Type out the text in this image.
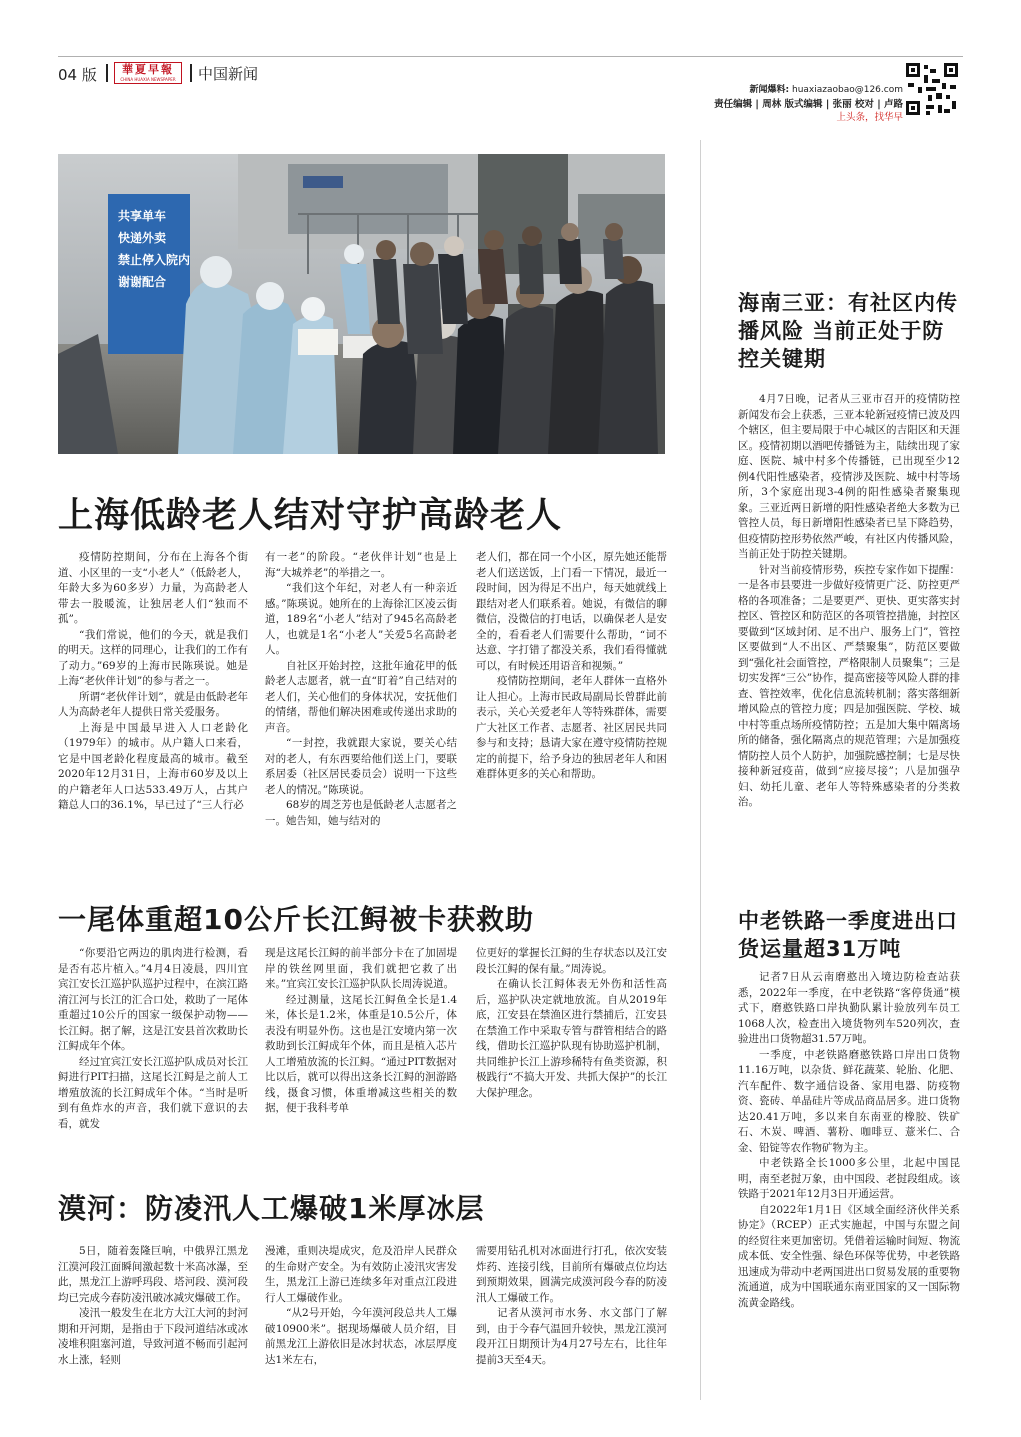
04 版	華夏早報
CHINA HUAXIA NEWSPAPER	中国新闻
新闻爆料: huaxiazaobao@126.com
责任编辑 | 周林 版式编辑 | 张丽 校对 | 卢路
上头条，找华早
共享单车
快递外卖
禁止停入院内
谢谢配合
上海低龄老人结对守护高龄老人

疫情防控期间，分布在上海各个街道、小区里的一支“小老人”（低龄老人，年龄大多为60多岁）力量，为高龄老人带去一股暖流，让独居老人们“独而不孤”。

“我们常说，他们的今天，就是我们的明天。这样的同理心，让我们的工作有了动力。”69岁的上海市民陈瑛说。她是上海“老伙伴计划”的参与者之一。

所谓“老伙伴计划”，就是由低龄老年人为高龄老年人提供日常关爱服务。

上海是中国最早进入人口老龄化（1979年）的城市。从户籍人口来看，它是中国老龄化程度最高的城市。截至2020年12月31日，上海市60岁及以上的户籍老年人口达533.49万人，占其户籍总人口的36.1%，早已过了“三人行必

有一老”的阶段。“老伙伴计划”也是上海“大城养老”的举措之一。

“我们这个年纪，对老人有一种亲近感。”陈瑛说。她所在的上海徐汇区凌云街道，189名“小老人”结对了945名高龄老人，也就是1名“小老人”关爱5名高龄老人。

自社区开始封控，这批年逾花甲的低龄老人志愿者，就一直“盯着”自己结对的老人们，关心他们的身体状况，安抚他们的情绪，帮他们解决困难或传递出求助的声音。

“一封控，我就跟大家说，要关心结对的老人，有东西要给他们送上门，要联系居委（社区居民委员会）说明一下这些老人的情况。”陈瑛说。

68岁的周芝芳也是低龄老人志愿者之一。她告知，她与结对的

老人们，都在同一个小区，原先她还能帮老人们送送饭，上门看一下情况，最近一段时间，因为得足不出户，每天她就线上跟结对老人们联系着。她说，有微信的聊微信，没微信的打电话，以确保老人是安全的，看看老人们需要什么帮助，“词不达意、字打错了都没关系，我们看得懂就可以，有时候还用语音和视频。”

疫情防控期间，老年人群体一直格外让人担心。上海市民政局副局长曾群此前表示，关心关爱老年人等特殊群体，需要广大社区工作者、志愿者、社区居民共同参与和支持；恳请大家在遵守疫情防控规定的前提下，给予身边的独居老年人和困难群体更多的关心和帮助。

一尾体重超10公斤长江鲟被卡获救助

“你要沿它两边的肌肉进行检测，看是否有芯片植入。”4月4日凌晨，四川宜宾江安长江巡护队巡护过程中，在滨江路淯江河与长江的汇合口处，救助了一尾体重超过10公斤的国家一级保护动物——长江鲟。据了解，这是江安县首次救助长江鲟成年个体。

经过宜宾江安长江巡护队成员对长江鲟进行PIT扫描，这尾长江鲟是之前人工增殖放流的长江鲟成年个体。“当时是听到有鱼炸水的声音，我们就下意识的去看，就发

现是这尾长江鲟的前半部分卡在了加固堤岸的铁丝网里面，我们就把它救了出来。”宜宾江安长江巡护队队长周涛说道。

经过测量，这尾长江鲟鱼全长是1.4米，体长是1.2米，体重是10.5公斤，体表没有明显外伤。这也是江安境内第一次救助到长江鲟成年个体，而且是植入芯片人工增殖放流的长江鲟。“通过PIT数据对比以后，就可以得出这条长江鲟的洄游路线，摄食习惯，体重增减这些相关的数据，便于我科考单

位更好的掌握长江鲟的生存状态以及江安段长江鲟的保有量。”周涛说。

在确认长江鲟体表无外伤和活性高后，巡护队决定就地放流。自从2019年底，江安县在禁渔区进行禁捕后，江安县在禁渔工作中采取专管与群管相结合的路线，借助长江巡护队现有协助巡护机制，共同维护长江上游珍稀特有鱼类资源，积极践行“不搞大开发、共抓大保护”的长江大保护理念。

漠河：防凌汛人工爆破1米厚冰层

5日，随着轰隆巨响，中俄界江黑龙江漠河段江面瞬间激起数十米高冰瀑，至此，黑龙江上游呼玛段、塔河段、漠河段均已完成今春防凌汛破冰减灾爆破工作。

凌汛一般发生在北方大江大河的封河期和开河期，是指由于下段河道结冰或冰凌堆积阻塞河道，导致河道不畅而引起河水上涨，轻则

漫滩，重则决堤成灾，危及沿岸人民群众的生命财产安全。为有效防止凌汛灾害发生，黑龙江上游已连续多年对重点江段进行人工爆破作业。

“从2号开始，今年漠河段总共人工爆破10900米”。据现场爆破人员介绍，目前黑龙江上游依旧是冰封状态，冰层厚度达1米左右，

需要用钻孔机对冰面进行打孔，依次安装炸药、连接引线，目前所有爆破点位均达到预期效果，圆满完成漠河段今春的防凌汛人工爆破工作。

记者从漠河市水务、水文部门了解到，由于今春气温回升较快，黑龙江漠河段开江日期预计为4月27号左右，比往年提前3天至4天。

海南三亚：有社区内传播风险 当前正处于防控关键期

4月7日晚，记者从三亚市召开的疫情防控新闻发布会上获悉，三亚本轮新冠疫情已波及四个辖区，但主要局限于中心城区的吉阳区和天涯区。疫情初期以酒吧传播链为主，陆续出现了家庭、医院、城中村多个传播链，已出现至少12例4代阳性感染者，疫情涉及医院、城中村等场所，3个家庭出现3-4例的阳性感染者聚集现象。三亚近两日新增的阳性感染者绝大多数为已管控人员，每日新增阳性感染者已呈下降趋势，但疫情防控形势依然严峻，有社区内传播风险，当前正处于防控关键期。

针对当前疫情形势，疾控专家作如下提醒：一是各市县要进一步做好疫情更广泛、防控更严格的各项准备；二是要更严、更快、更实落实封控区、管控区和防范区的各项管控措施，封控区要做到“区域封闭、足不出户、服务上门”，管控区要做到“人不出区、严禁聚集”，防范区要做到“强化社会面管控，严格限制人员聚集”；三是切实发挥“三公”协作，提高密接等风险人群的排查、管控效率，优化信息流转机制；落实落细新增风险点的管控力度；四是加强医院、学校、城中村等重点场所疫情防控；五是加大集中隔离场所的储备，强化隔离点的规范管理；六是加强疫情防控人员个人防护，加强院感控制；七是尽快接种新冠疫苗，做到“应接尽接”；八是加强孕妇、幼托儿童、老年人等特殊感染者的分类救治。

中老铁路一季度进出口货运量超31万吨

记者7日从云南磨憨出入境边防检查站获悉，2022年一季度，在中老铁路“客停货通”模式下，磨憨铁路口岸执勤队累计验放列车员工1068人次，检查出入境货物列车520列次，查验进出口货物超31.57万吨。

一季度，中老铁路磨憨铁路口岸出口货物11.16万吨，以杂货、鲜花蔬菜、轮胎、化肥、汽车配件、数字通信设备、家用电器、防疫物资、瓷砖、单晶硅片等成品商品居多。进口货物达20.41万吨，多以来自东南亚的橡胶、铁矿石、木炭、啤酒、薯粉、咖啡豆、薏米仁、合金、铅锭等农作物矿物为主。

中老铁路全长1000多公里，北起中国昆明，南至老挝万象，由中国段、老挝段组成。该铁路于2021年12月3日开通运营。

自2022年1月1日《区域全面经济伙伴关系协定》（RCEP）正式实施起，中国与东盟之间的经贸往来更加密切。凭借着运输时间短、物流成本低、安全性强、绿色环保等优势，中老铁路迅速成为带动中老两国进出口贸易发展的重要物流通道，成为中国联通东南亚国家的又一国际物流黄金路线。
